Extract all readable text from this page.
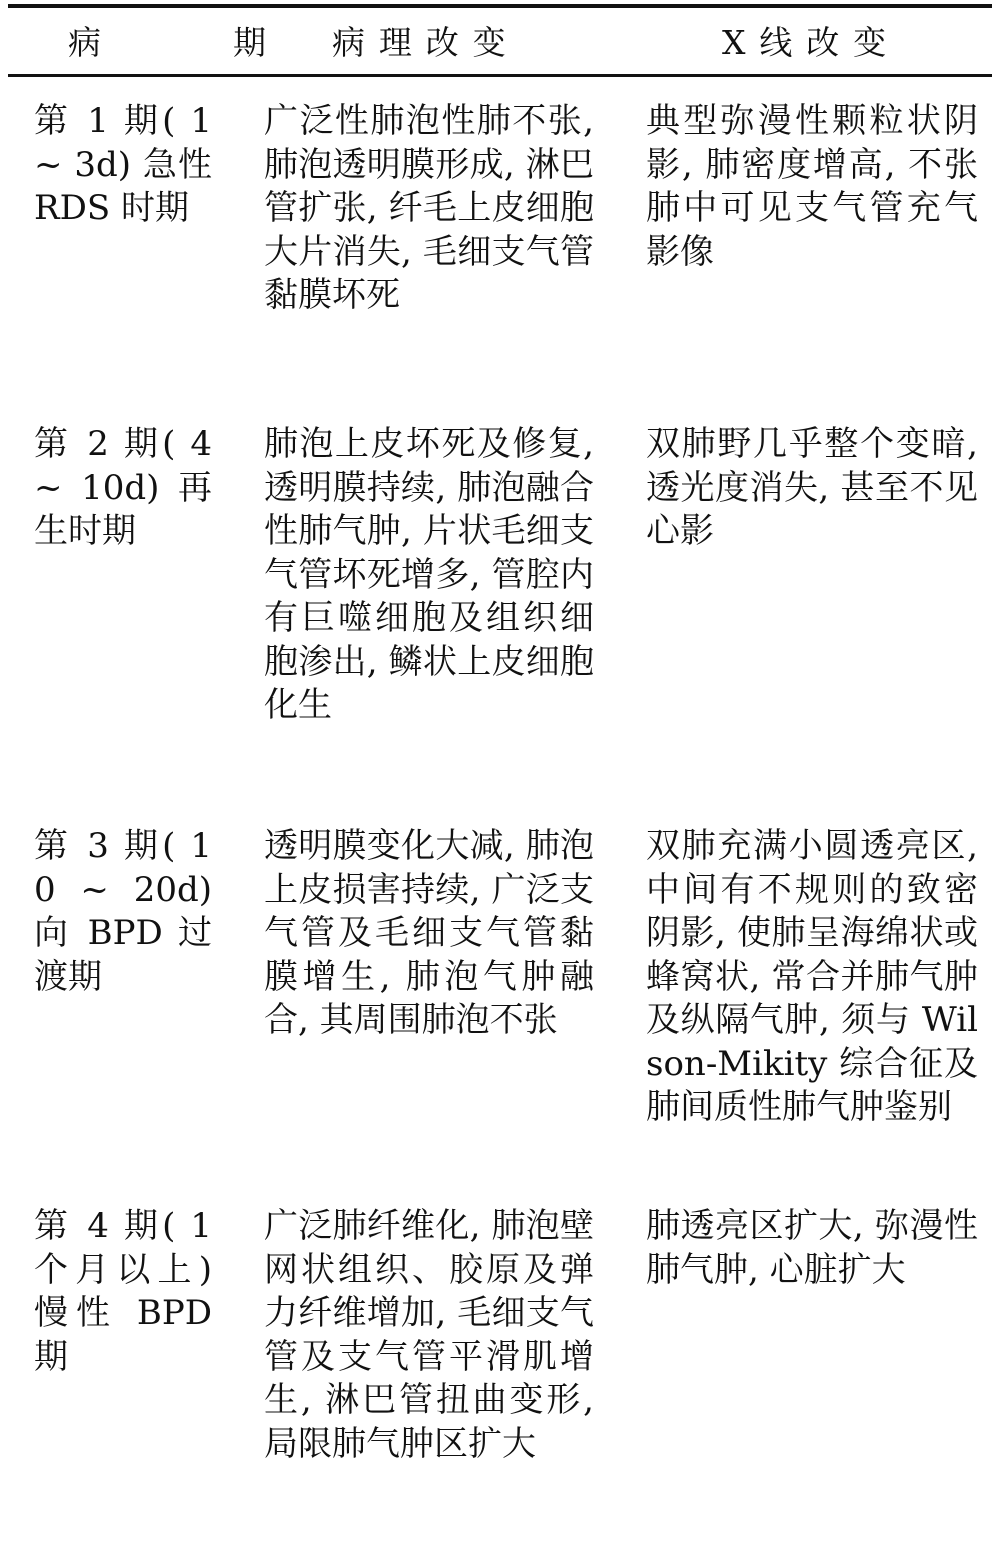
病　期 病理改变	X线改变
第 1 期( 1 ~ 3d) 急性 RDS 时期
广泛性肺泡性肺不张, 肺泡透明膜形成, 淋巴管扩张, 纤毛上皮细胞大片消失, 毛细支气管黏膜坏死
典型弥漫性颗粒状阴影, 肺密度增高, 不张肺中可见支气管充气影像
第 2 期( 4 ~ 10d) 再生时期
肺泡上皮坏死及修复, 透明膜持续, 肺泡融合性肺气肿, 片状毛细支气管坏死增多, 管腔内有巨噬细胞及组织细胞渗出, 鳞状上皮细胞化生
双肺野几乎整个变暗, 透光度消失, 甚至不见心影
第 3 期( 10 ~ 20d) 向 BPD 过渡期
透明膜变化大减, 肺泡上皮损害持续, 广泛支气管及毛细支气管黏膜增生, 肺泡气肿融合, 其周围肺泡不张
双肺充满小圆透亮区, 中间有不规则的致密阴影, 使肺呈海绵状或蜂窝状, 常合并肺气肿及纵隔气肿, 须与 Wilson-Mikity 综合征及肺间质性肺气肿鉴别
第 4 期( 1 个月以上) 慢性 BPD 期
广泛肺纤维化, 肺泡壁网状组织、胶原及弹力纤维增加, 毛细支气管及支气管平滑肌增生, 淋巴管扭曲变形, 局限肺气肿区扩大
肺透亮区扩大, 弥漫性肺气肿, 心脏扩大
